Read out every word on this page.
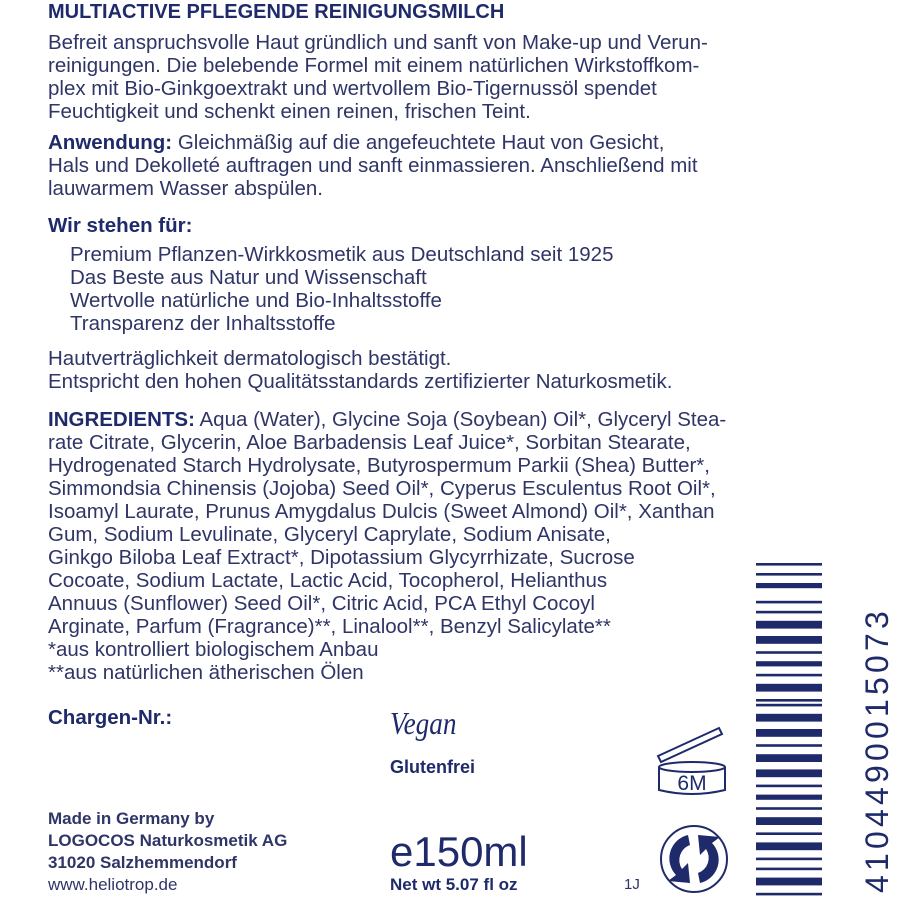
MULTIACTIVE PFLEGENDE REINIGUNGSMILCH
Befreit anspruchsvolle Haut gründlich und sanft von Make-up und Verun-
reinigungen. Die belebende Formel mit einem natürlichen Wirkstoffkom-
plex mit Bio-Ginkgoextrakt und wertvollem Bio-Tigernussöl spendet
Feuchtigkeit und schenkt einen reinen, frischen Teint.
Anwendung: Gleichmäßig auf die angefeuchtete Haut von Gesicht,
Hals und Dekolleté auftragen und sanft einmassieren. Anschließend mit
lauwarmem Wasser abspülen.
Wir stehen für:
Premium Pflanzen-Wirkkosmetik aus Deutschland seit 1925
Das Beste aus Natur und Wissenschaft
Wertvolle natürliche und Bio-Inhaltsstoffe
Transparenz der Inhaltsstoffe
Hautverträglichkeit dermatologisch bestätigt.
Entspricht den hohen Qualitätsstandards zertifizierter Naturkosmetik.
INGREDIENTS: Aqua (Water), Glycine Soja (Soybean) Oil*, Glyceryl Stea-
rate Citrate, Glycerin, Aloe Barbadensis Leaf Juice*, Sorbitan Stearate,
Hydrogenated Starch Hydrolysate, Butyrospermum Parkii (Shea) Butter*,
Simmondsia Chinensis (Jojoba) Seed Oil*, Cyperus Esculentus Root Oil*,
Isoamyl Laurate, Prunus Amygdalus Dulcis (Sweet Almond) Oil*, Xanthan
Gum, Sodium Levulinate, Glyceryl Caprylate, Sodium Anisate,
Ginkgo Biloba Leaf Extract*, Dipotassium Glycyrrhizate, Sucrose
Cocoate, Sodium Lactate, Lactic Acid, Tocopherol, Helianthus
Annuus (Sunflower) Seed Oil*, Citric Acid, PCA Ethyl Cocoyl
Arginate, Parfum (Fragrance)**, Linalool**, Benzyl Salicylate**
*aus kontrolliert biologischem Anbau
**aus natürlichen ätherischen Ölen
Chargen-Nr.:	Vegan
Glutenfrei
Made in Germany by
LOGOCOS Naturkosmetik AG
31020 Salzhemmendorf
www.heliotrop.de
e150ml
Net wt 5.07 fl oz
6M
1J	4104490015073
